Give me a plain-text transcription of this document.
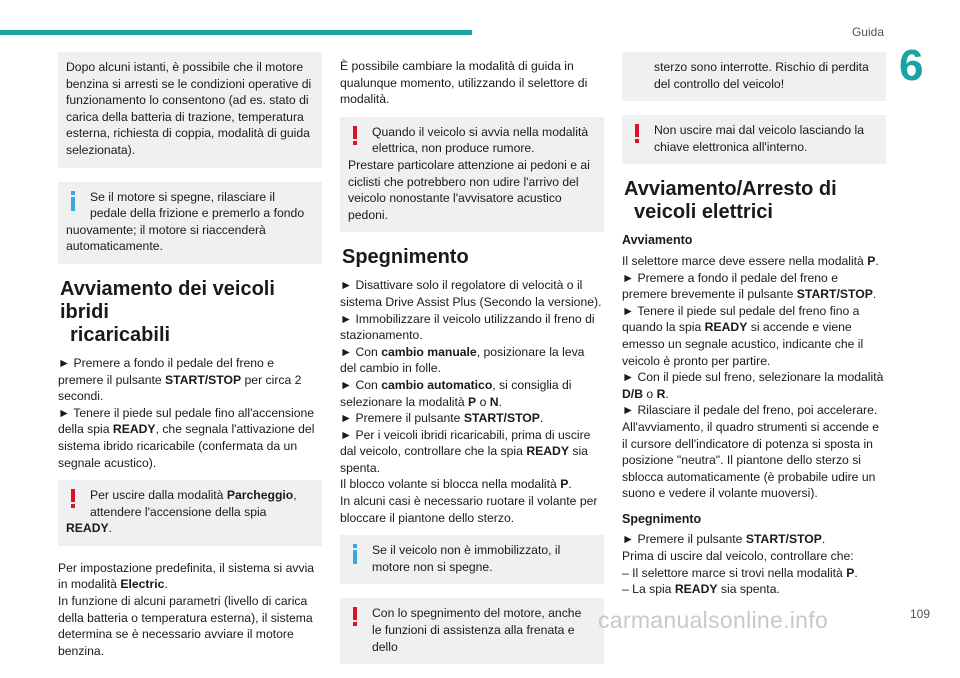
Guida
6
Dopo alcuni istanti, è possibile che il motore benzina si arresti se le condizioni operative di funzionamento lo consentono (ad es. stato di carica della batteria di trazione, temperatura esterna, richiesta di coppia, modalità di guida selezionata).
Se il motore si spegne, rilasciare il pedale della frizione e premerlo a fondo
nuovamente; il motore si riaccenderà automaticamente.
Avviamento dei veicoli ibridi
ricaricabili

► Premere a fondo il pedale del freno e premere il pulsante START/STOP per circa 2 secondi.
► Tenere il piede sul pedale fino all'accensione della spia READY, che segnala l'attivazione del sistema ibrido ricaricabile (confermata da un segnale acustico).

Per uscire dalla modalità Parcheggio, attendere l'accensione della spia
READY.

Per impostazione predefinita, il sistema si avvia in modalità Electric.
In funzione di alcuni parametri (livello di carica della batteria o temperatura esterna), il sistema determina se è necessario avviare il motore benzina.

È possibile cambiare la modalità di guida in qualunque momento, utilizzando il selettore di modalità.

Quando il veicolo si avvia nella modalità elettrica, non produce rumore.
Prestare particolare attenzione ai pedoni e ai ciclisti che potrebbero non udire l'arrivo del veicolo nonostante l'avvisatore acustico pedoni.
Spegnimento

► Disattivare solo il regolatore di velocità o il sistema Drive Assist Plus (Secondo la versione).
► Immobilizzare il veicolo utilizzando il freno di stazionamento.
► Con cambio manuale, posizionare la leva del cambio in folle.
► Con cambio automatico, si consiglia di selezionare la modalità P o N.
► Premere il pulsante START/STOP.
► Per i veicoli ibridi ricaricabili, prima di uscire dal veicolo, controllare che la spia READY sia spenta.
Il blocco volante si blocca nella modalità P.
In alcuni casi è necessario ruotare il volante per bloccare il piantone dello sterzo.

Se il veicolo non è immobilizzato, il motore non si spegne.
Con lo spegnimento del motore, anche le funzioni di assistenza alla frenata e dello
sterzo sono interrotte. Rischio di perdita del controllo del veicolo!
Non uscire mai dal veicolo lasciando la chiave elettronica all'interno.
Avviamento/Arresto di
veicoli elettrici
Avviamento

Il selettore marce deve essere nella modalità P.
► Premere a fondo il pedale del freno e premere brevemente il pulsante START/STOP.
► Tenere il piede sul pedale del freno fino a quando la spia READY si accende e viene emesso un segnale acustico, indicante che il veicolo è pronto per partire.
► Con il piede sul freno, selezionare la modalità D/B o R.
► Rilasciare il pedale del freno, poi accelerare.
All'avviamento, il quadro strumenti si accende e il cursore dell'indicatore di potenza si sposta in posizione "neutra". Il piantone dello sterzo si sblocca automaticamente (è probabile udire un suono e vedere il volante muoversi).

Spegnimento

► Premere il pulsante START/STOP.
Prima di uscire dal veicolo, controllare che:
– Il selettore marce si trovi nella modalità P.
– La spia READY sia spenta.

109
carmanualsonline.info
